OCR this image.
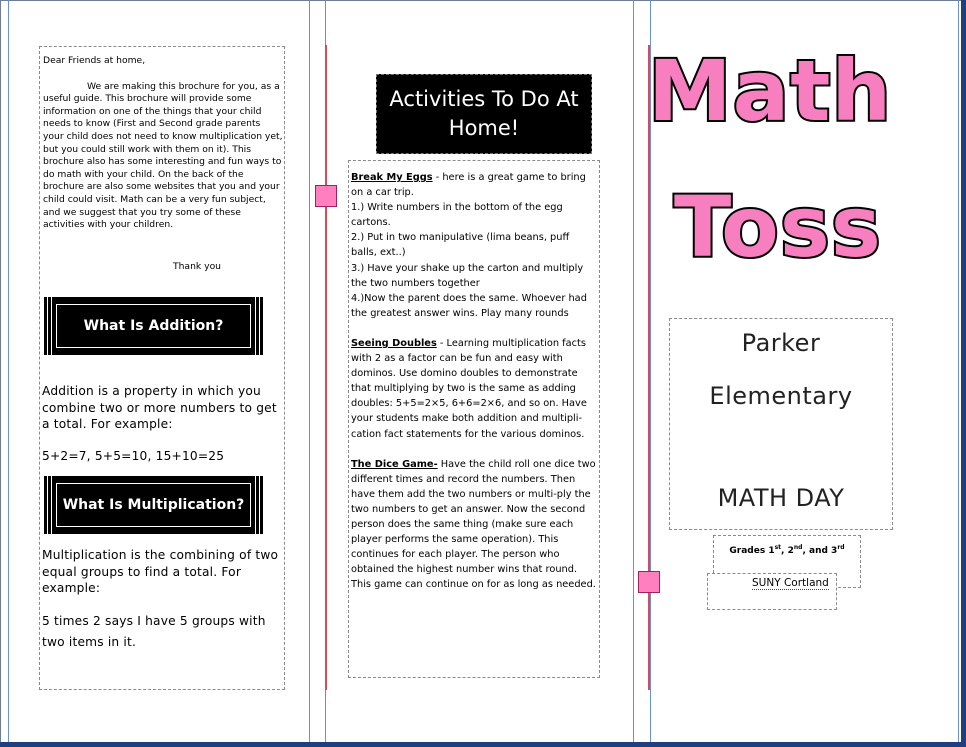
Dear Friends at home,

We are making this brochure for you, as a useful guide. This brochure will provide some information on one of the things that your child needs to know (First and Second grade parents your child does not need to know multiplication yet, but you could still work with them on it). This brochure also has some interesting and fun ways to do math with your child. On the back of the brochure are also some websites that you and your child could visit. Math can be a very fun subject, and we suggest that you try some of these activities with your children.

Thank you
What Is Addition?
Addition is a property in which you combine two or more numbers to get a total. For example:
5+2=7, 5+5=10, 15+10=25
What Is Multiplication?
Multiplication is the combining of two equal groups to find a total. For example:
5 times 2 says I have 5 groups with two items in it.
Activities To Do At Home!

Break My Eggs - here is a great game to bring on a car trip.

1.) Write numbers in the bottom of the egg cartons.

2.) Put in two manipulative (lima beans, puff balls, ext..)

3.) Have your shake up the carton and multiply the two numbers together

4.)Now the parent does the same. Whoever had the greatest answer wins. Play many rounds

Seeing Doubles - Learning multiplication facts with 2 as a factor can be fun and easy with dominos. Use domino doubles to demonstrate that multiplying by two is the same as adding doubles: 5+5=2×5, 6+6=2×6, and so on. Have your students make both addition and multipli-cation fact statements for the various dominos.

The Dice Game- Have the child roll one dice two different times and record the numbers. Then have them add the two numbers or multi-ply the two numbers to get an answer. Now the second person does the same thing (make sure each player performs the same operation). This continues for each player. The person who obtained the highest number wins that round. This game can continue on for as long as needed.

Math
Toss
Parker
Elementary
MATH DAY
Grades 1st, 2nd, and 3rd
SUNY Cortland
